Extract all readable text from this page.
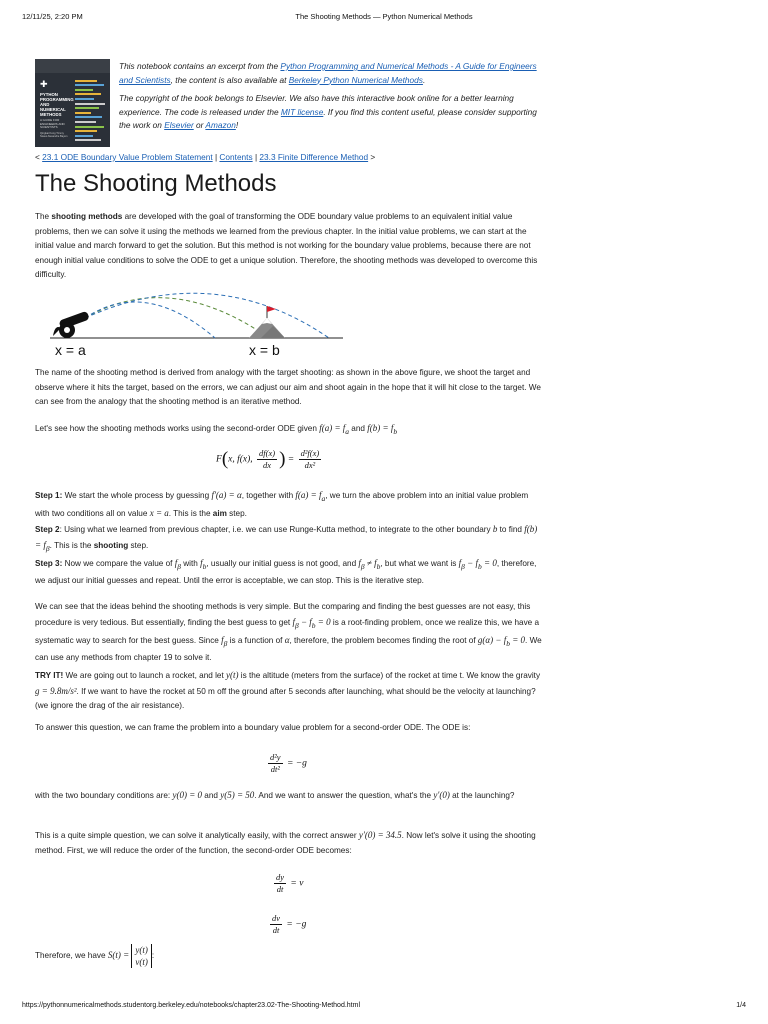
12/11/25, 2:20 PM	The Shooting Methods — Python Numerical Methods
✚
PYTHON PROGRAMMING AND NUMERICAL METHODS
A GUIDE FOR ENGINEERS AND SCIENTISTS
Qingkai Kong Timmy Siauw Alexandre Bayen

This notebook contains an excerpt from the Python Programming and Numerical Methods - A Guide for Engineers and Scientists, the content is also available at Berkeley Python Numerical Methods.

The copyright of the book belongs to Elsevier. We also have this interactive book online for a better learning experience. The code is released under the MIT license. If you find this content useful, please consider supporting the work on Elsevier or Amazon!

< 23.1 ODE Boundary Value Problem Statement | Contents | 23.3 Finite Difference Method >
The Shooting Methods

The shooting methods are developed with the goal of transforming the ODE boundary value problems to an equivalent initial value problems, then we can solve it using the methods we learned from the previous chapter. In the initial value problems, we can start at the initial value and march forward to get the solution. But this method is not working for the boundary value problems, because there are not enough initial value conditions to solve the ODE to get a unique solution. Therefore, the shooting methods was developed to overcome this difficulty.

x = a	x = b

The name of the shooting method is derived from analogy with the target shooting: as shown in the above figure, we shoot the target and observe where it hits the target, based on the errors, we can adjust our aim and shoot again in the hope that it will hit close to the target. We can see from the analogy that the shooting method is an iterative method.

Let's see how the shooting methods works using the second-order ODE given $f(a) = f_a$ and $f(b) = f_b$

F(x, f(x), $\frac{df(x)}{dx}$ ) = $\frac{\text{d²f(x)}}{\text{dx²}}$

Step 1: We start the whole process by guessing f′(a) = α, together with $f(a) = f_a$, we turn the above problem into an initial value problem with two conditions all on value x = a. This is the aim step.

Step 2: Using what we learned from previous chapter, i.e. we can use Runge-Kutta method, to integrate to the other boundary b to find $f(b) = f_\beta$. This is the shooting step.

Step 3: Now we compare the value of $f_\beta$ with $f_b$, usually our initial guess is not good, and $f_\beta \ne f_b$, but what we want is $f_\beta - f_b = 0$, therefore, we adjust our initial guesses and repeat. Until the error is acceptable, we can stop. This is the iterative step.

We can see that the ideas behind the shooting methods is very simple. But the comparing and finding the best guesses are not easy, this procedure is very tedious. But essentially, finding the best guess to get $f_\beta - f_b = 0$ is a root-finding problem, once we realize this, we have a systematic way to search for the best guess. Since $f_\beta$ is a function of α, therefore, the problem becomes finding the root of $g(\alpha) - f_b = 0$. We can use any methods from chapter 19 to solve it.

TRY IT! We are going out to launch a rocket, and let y(t) is the altitude (meters from the surface) of the rocket at time t. We know the gravity g = 9.8m/s². If we want to have the rocket at 50 m off the ground after 5 seconds after launching, what should be the velocity at launching? (we ignore the drag of the air resistance).

To answer this question, we can frame the problem into a boundary value problem for a second-order ODE. The ODE is:

$\frac{\text{d²y}}{\text{dt²}} = -g$

with the two boundary conditions are: y(0) = 0 and y(5) = 50. And we want to answer the question, what's the y′(0) at the launching?

This is a quite simple question, we can solve it analytically easily, with the correct answer y′(0) = 34.5. Now let's solve it using the shooting method. First, we will reduce the order of the function, the second-order ODE becomes:

$\frac{dy}{dt} = v$
$\frac{dv}{dt} = -g$

Therefore, we have S(t) =
y(t)
v(t)
:

https://pythonnumericalmethods.studentorg.berkeley.edu/notebooks/chapter23.02-The-Shooting-Method.html	1/4
